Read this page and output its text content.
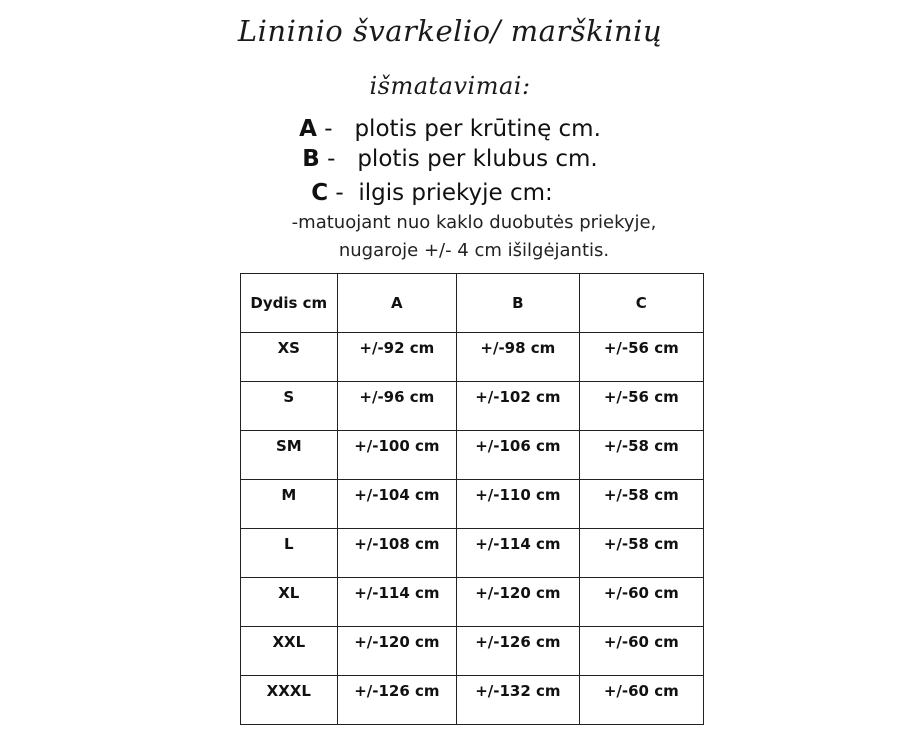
Lininio švarkelio/ marškinių
išmatavimai:
A -   plotis per krūtinę cm.
B -   plotis per klubus cm.
C -  ilgis priekyje cm:
-matuojant nuo kaklo duobutės priekyje,
nugaroje +/- 4 cm išilgėjantis.
Dydis cm	A	B	C
XS	+/-92 cm	+/-98 cm	+/-56 cm
S	+/-96 cm	+/-102 cm	+/-56 cm
SM	+/-100 cm	+/-106 cm	+/-58 cm
M	+/-104 cm	+/-110 cm	+/-58 cm
L	+/-108 cm	+/-114 cm	+/-58 cm
XL	+/-114 cm	+/-120 cm	+/-60 cm
XXL	+/-120 cm	+/-126 cm	+/-60 cm
XXXL	+/-126 cm	+/-132 cm	+/-60 cm
